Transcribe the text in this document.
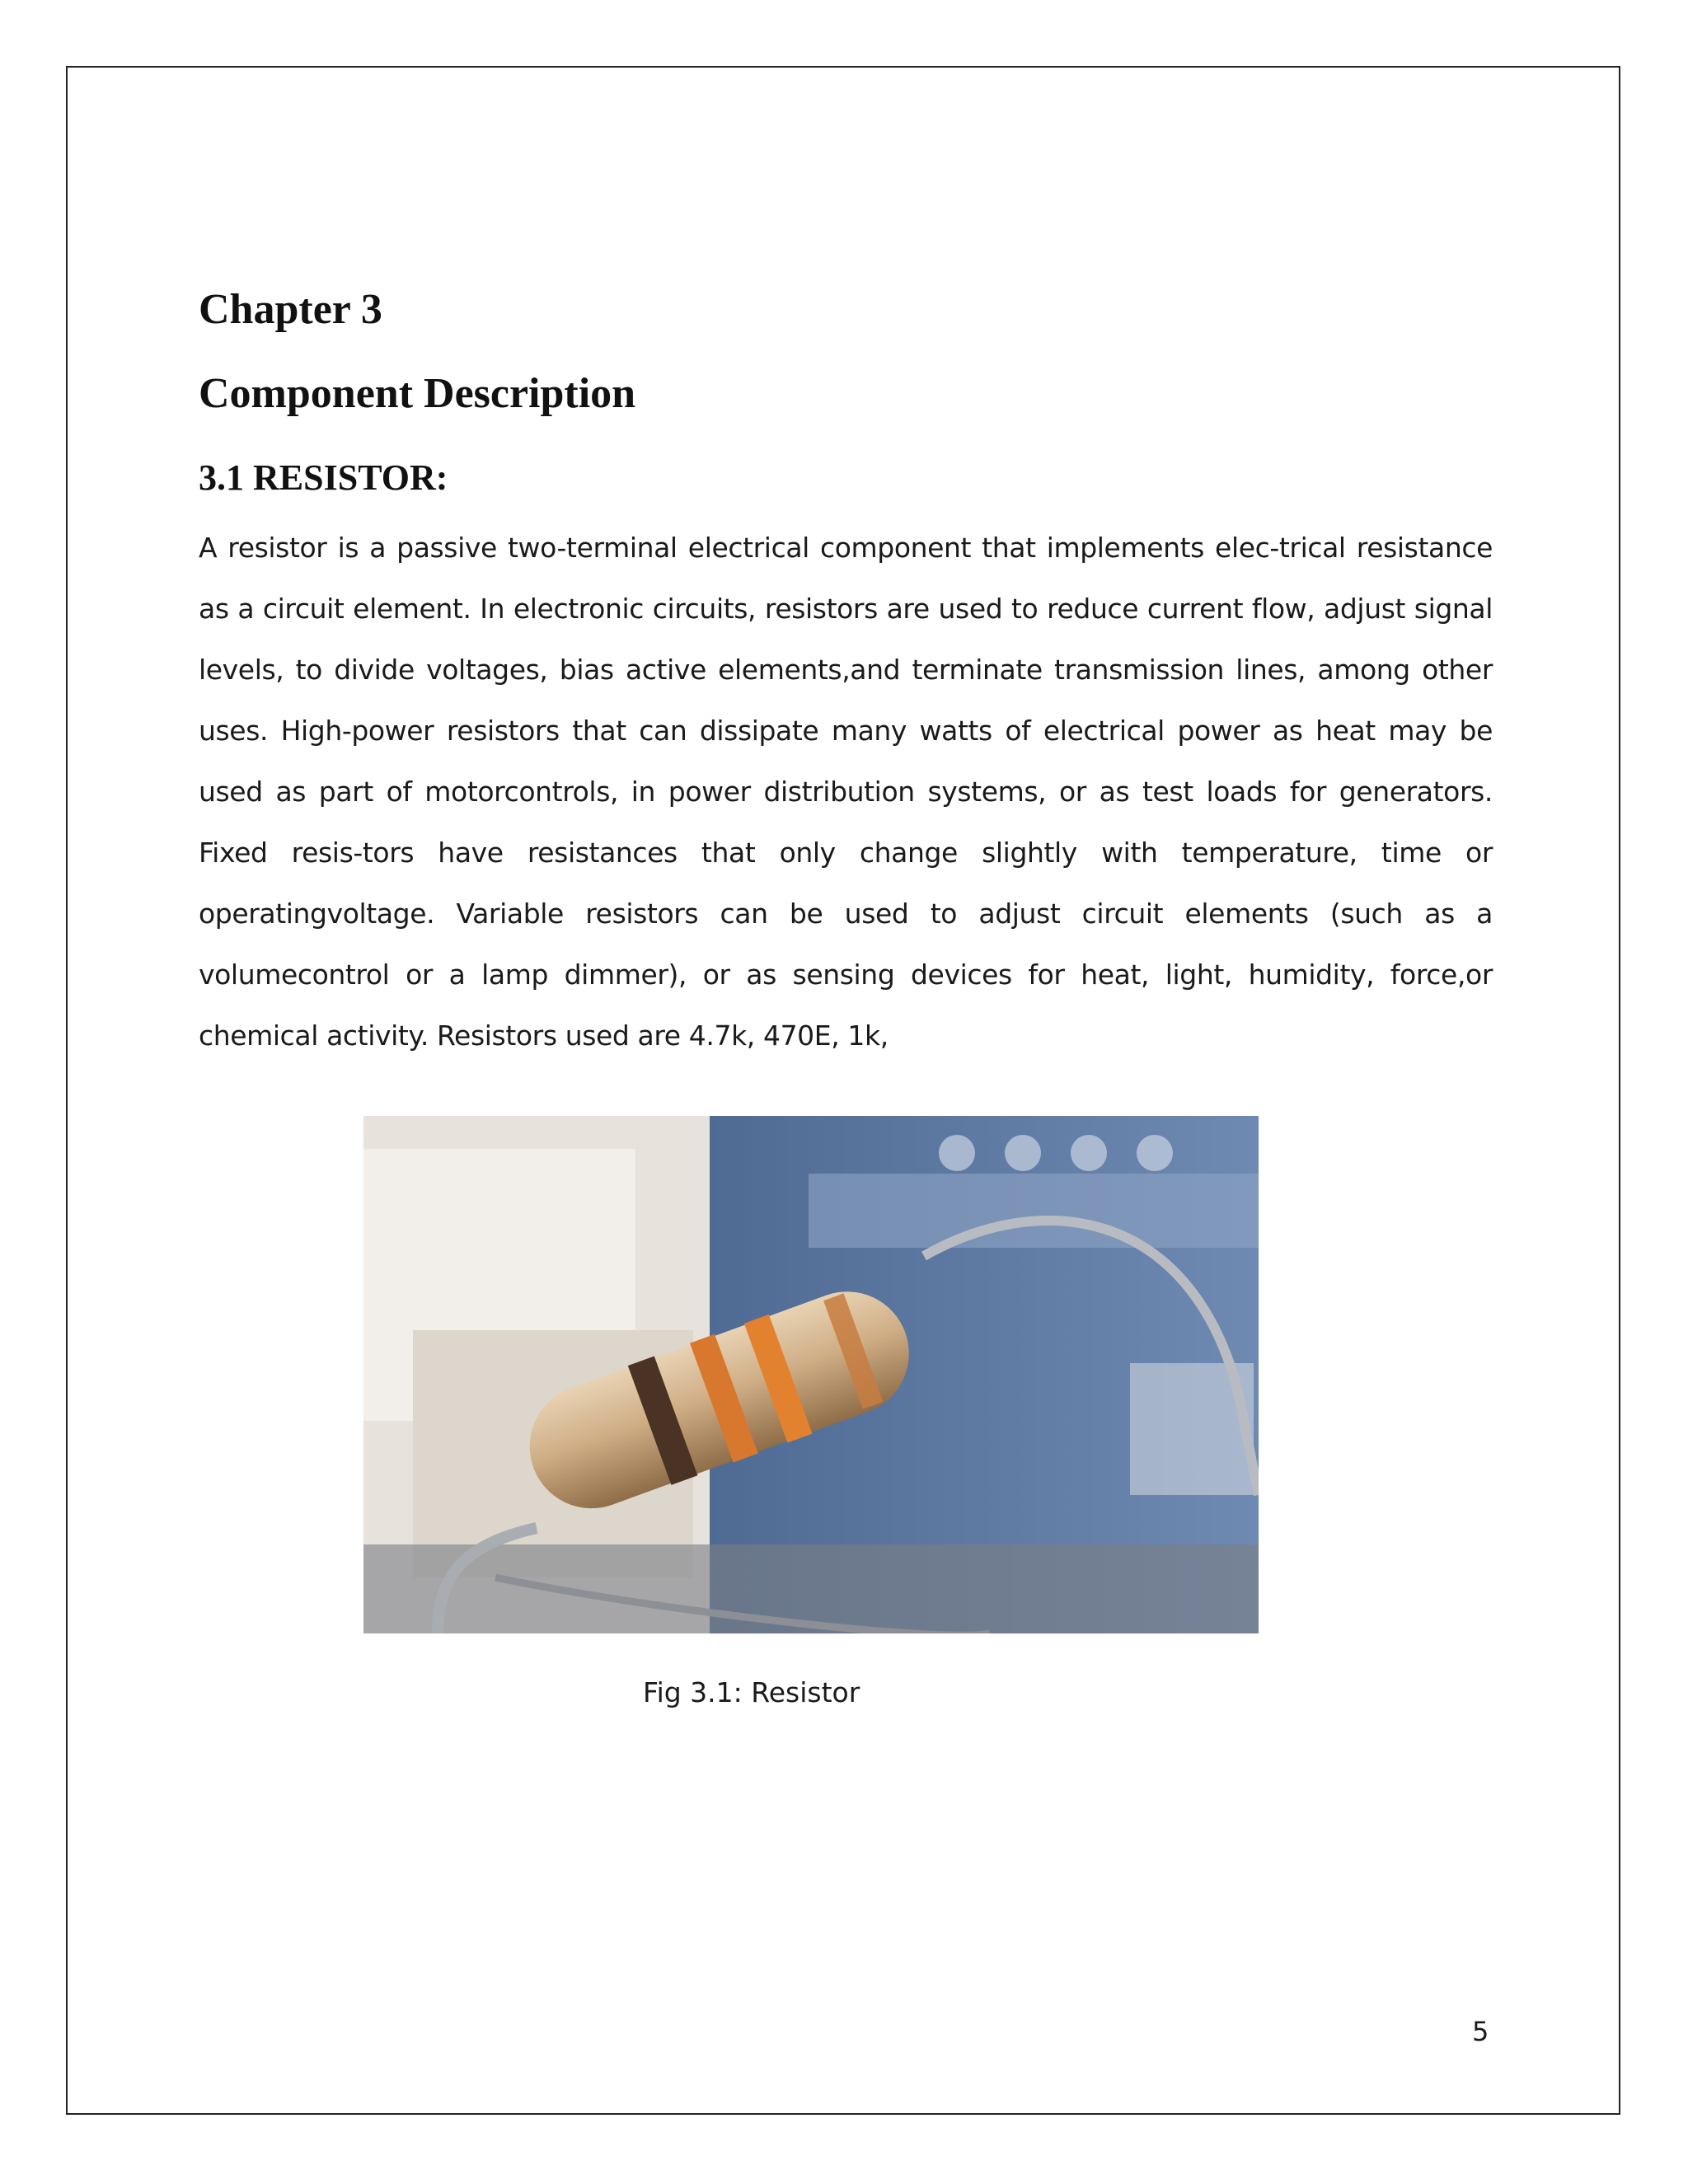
Chapter 3
Component Description
3.1 RESISTOR:

A resistor is a passive two-terminal electrical component that implements elec-trical resistance as a circuit element. In electronic circuits, resistors are used to reduce current flow, adjust signal levels, to divide voltages, bias active elements,and terminate transmission lines, among other uses. High-power resistors that can dissipate many watts of electrical power as heat may be used as part of motorcontrols, in power distribution systems, or as test loads for generators. Fixed resis-tors have resistances that only change slightly with temperature, time or operatingvoltage. Variable resistors can be used to adjust circuit elements (such as a volumecontrol or a lamp dimmer), or as sensing devices for heat, light, humidity, force,or chemical activity. Resistors used are 4.7k, 470E, 1k,

Fig 3.1: Resistor
5
